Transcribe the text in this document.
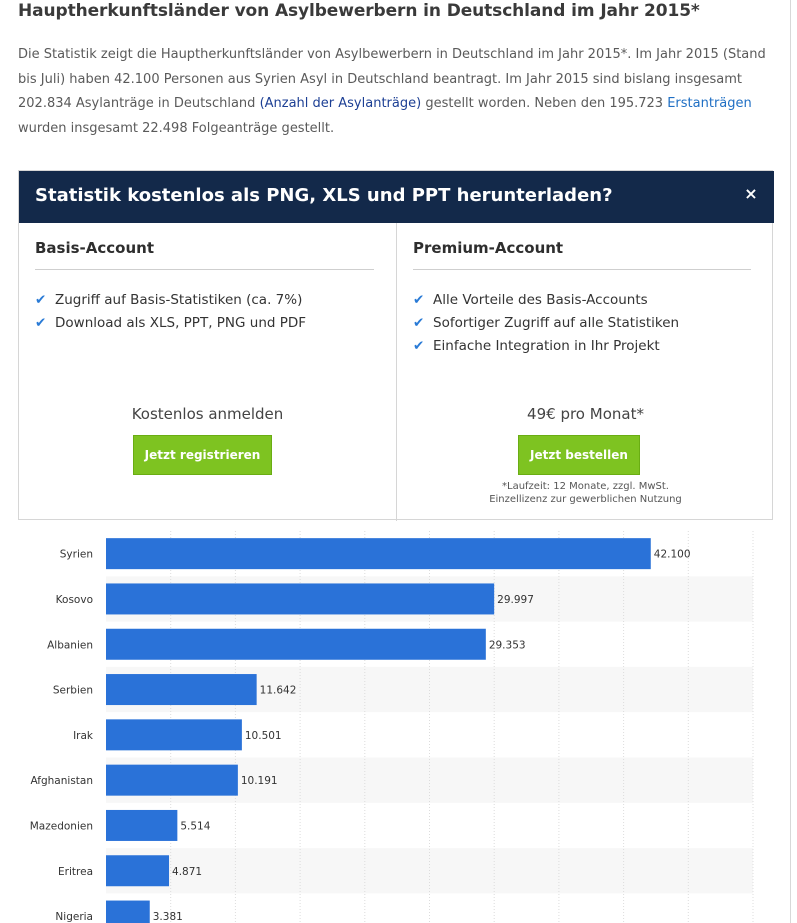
Hauptherkunftsländer von Asylbewerbern in Deutschland im Jahr 2015*

Die Statistik zeigt die Hauptherkunftsländer von Asylbewerbern in Deutschland im Jahr 2015*. Im Jahr 2015 (Stand bis Juli) haben 42.100 Personen aus Syrien Asyl in Deutschland beantragt. Im Jahr 2015 sind bislang insgesamt 202.834 Asylanträge in Deutschland (Anzahl der Asylanträge) gestellt worden. Neben den 195.723 Erstanträgen wurden insgesamt 22.498 Folgeanträge gestellt.

Statistik kostenlos als PNG, XLS und PPT herunterladen?	×
Basis-Account
✔ Zugriff auf Basis-Statistiken (ca. 7%)
✔ Download als XLS, PPT, PNG und PDF
Kostenlos anmelden
Jetzt registrieren
Premium-Account
✔ Alle Vorteile des Basis-Accounts
✔ Sofortiger Zugriff auf alle Statistiken
✔ Einfache Integration in Ihr Projekt
49€ pro Monat*
Jetzt bestellen
*Laufzeit: 12 Monate, zzgl. MwSt.
Einzellizenz zur gewerblichen Nutzung
Syrien	42.100
Kosovo	29.997
Albanien	29.353
Serbien	11.642
Irak	10.501
Afghanistan	10.191
Mazedonien	5.514
Eritrea	4.871
Nigeria	3.381
